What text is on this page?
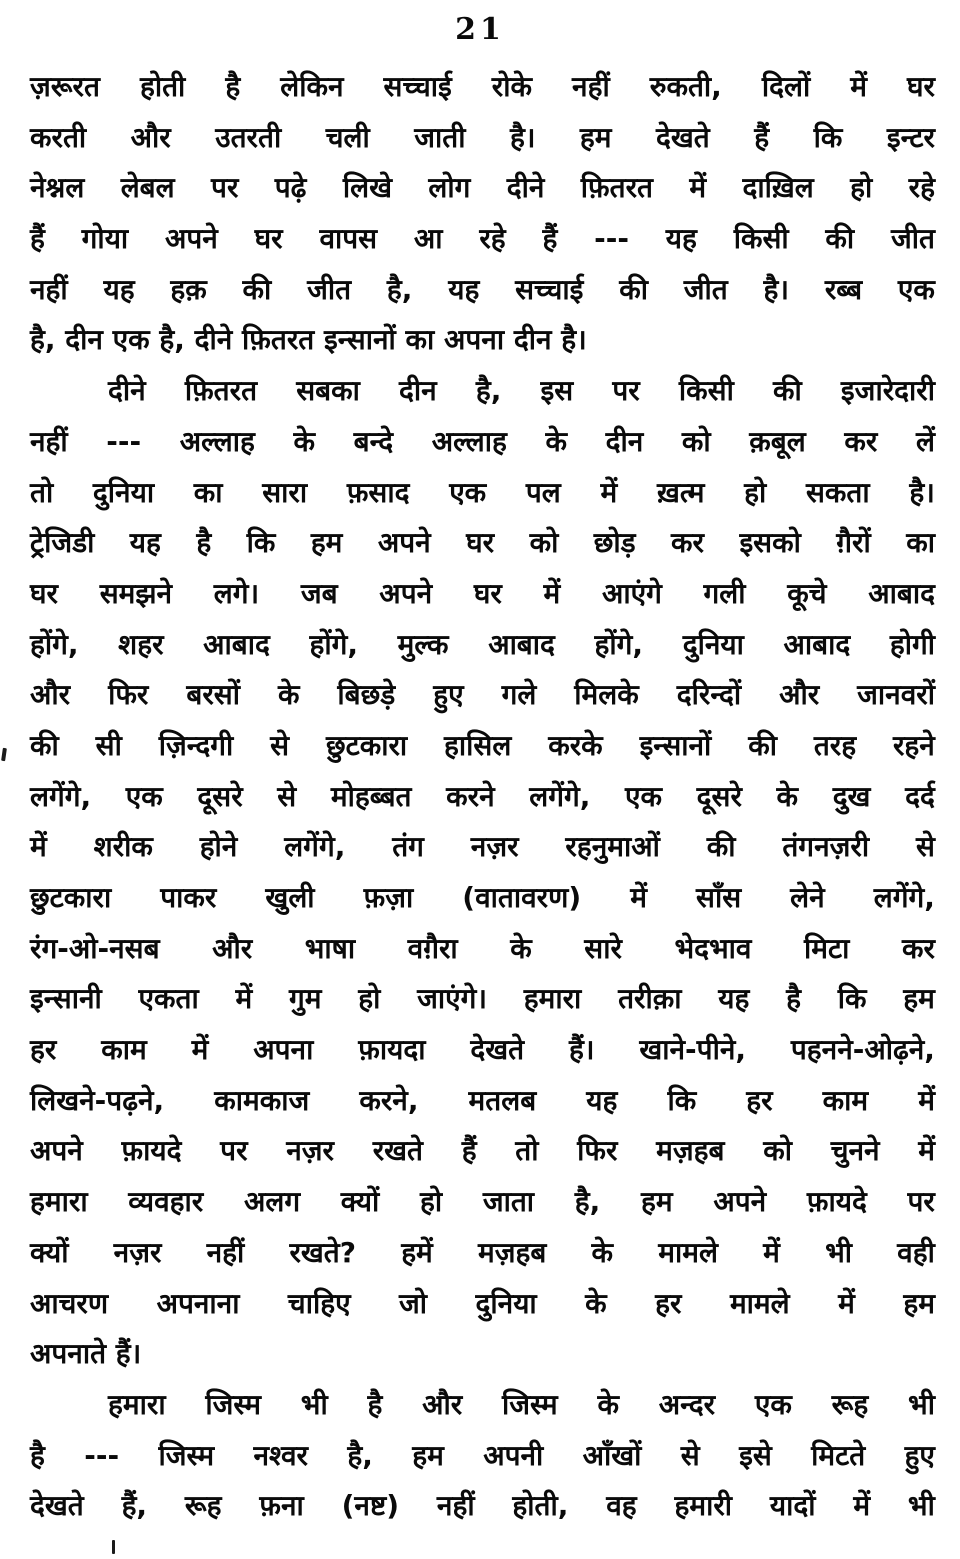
21
ज़रूरत होती है लेकिन सच्चाई रोके नहीं रुकती, दिलों में घर
करती और उतरती चली जाती है। हम देखते हैं कि इन्टर
नेश्नल लेबल पर पढ़े लिखे लोग दीने फ़ितरत में दाख़िल हो रहे
हैं गोया अपने घर वापस आ रहे हैं --- यह किसी की जीत
नहीं यह हक़ की जीत है, यह सच्चाई की जीत है। रब्ब एक
है, दीन एक है, दीने फ़ितरत इन्सानों का अपना दीन है।
दीने फ़ितरत सबका दीन है, इस पर किसी की इजारेदारी
नहीं --- अल्लाह के बन्दे अल्लाह के दीन को क़बूल कर लें
तो दुनिया का सारा फ़साद एक पल में ख़त्म हो सकता है।
ट्रेजिडी यह है कि हम अपने घर को छोड़ कर इसको ग़ैरों का
घर समझने लगे। जब अपने घर में आएंगे गली कूचे आबाद
होंगे, शहर आबाद होंगे, मुल्क आबाद होंगे, दुनिया आबाद होगी
और फिर बरसों के बिछड़े हुए गले मिलके दरिन्दों और जानवरों
की सी ज़िन्दगी से छुटकारा हासिल करके इन्सानों की तरह रहने
लगेंगे, एक दूसरे से मोहब्बत करने लगेंगे, एक दूसरे के दुख दर्द
में शरीक होने लगेंगे, तंग नज़र रहनुमाओं की तंगनज़री से
छुटकारा पाकर खुली फ़ज़ा (वातावरण) में साँस लेने लगेंगे,
रंग-ओ-नसब और भाषा वग़ैरा के सारे भेदभाव मिटा कर
इन्सानी एकता में गुम हो जाएंगे। हमारा तरीक़ा यह है कि हम
हर काम में अपना फ़ायदा देखते हैं। खाने-पीने, पहनने-ओढ़ने,
लिखने-पढ़ने, कामकाज करने, मतलब यह कि हर काम में
अपने फ़ायदे पर नज़र रखते हैं तो फिर मज़हब को चुनने में
हमारा व्यवहार अलग क्यों हो जाता है, हम अपने फ़ायदे पर
क्यों नज़र नहीं रखते? हमें मज़हब के मामले में भी वही
आचरण अपनाना चाहिए जो दुनिया के हर मामले में हम
अपनाते हैं।
हमारा जिस्म भी है और जिस्म के अन्दर एक रूह भी
है --- जिस्म नश्वर है, हम अपनी आँखों से इसे मिटते हुए
देखते हैं, रूह फ़ना (नष्ट) नहीं होती, वह हमारी यादों में भी
